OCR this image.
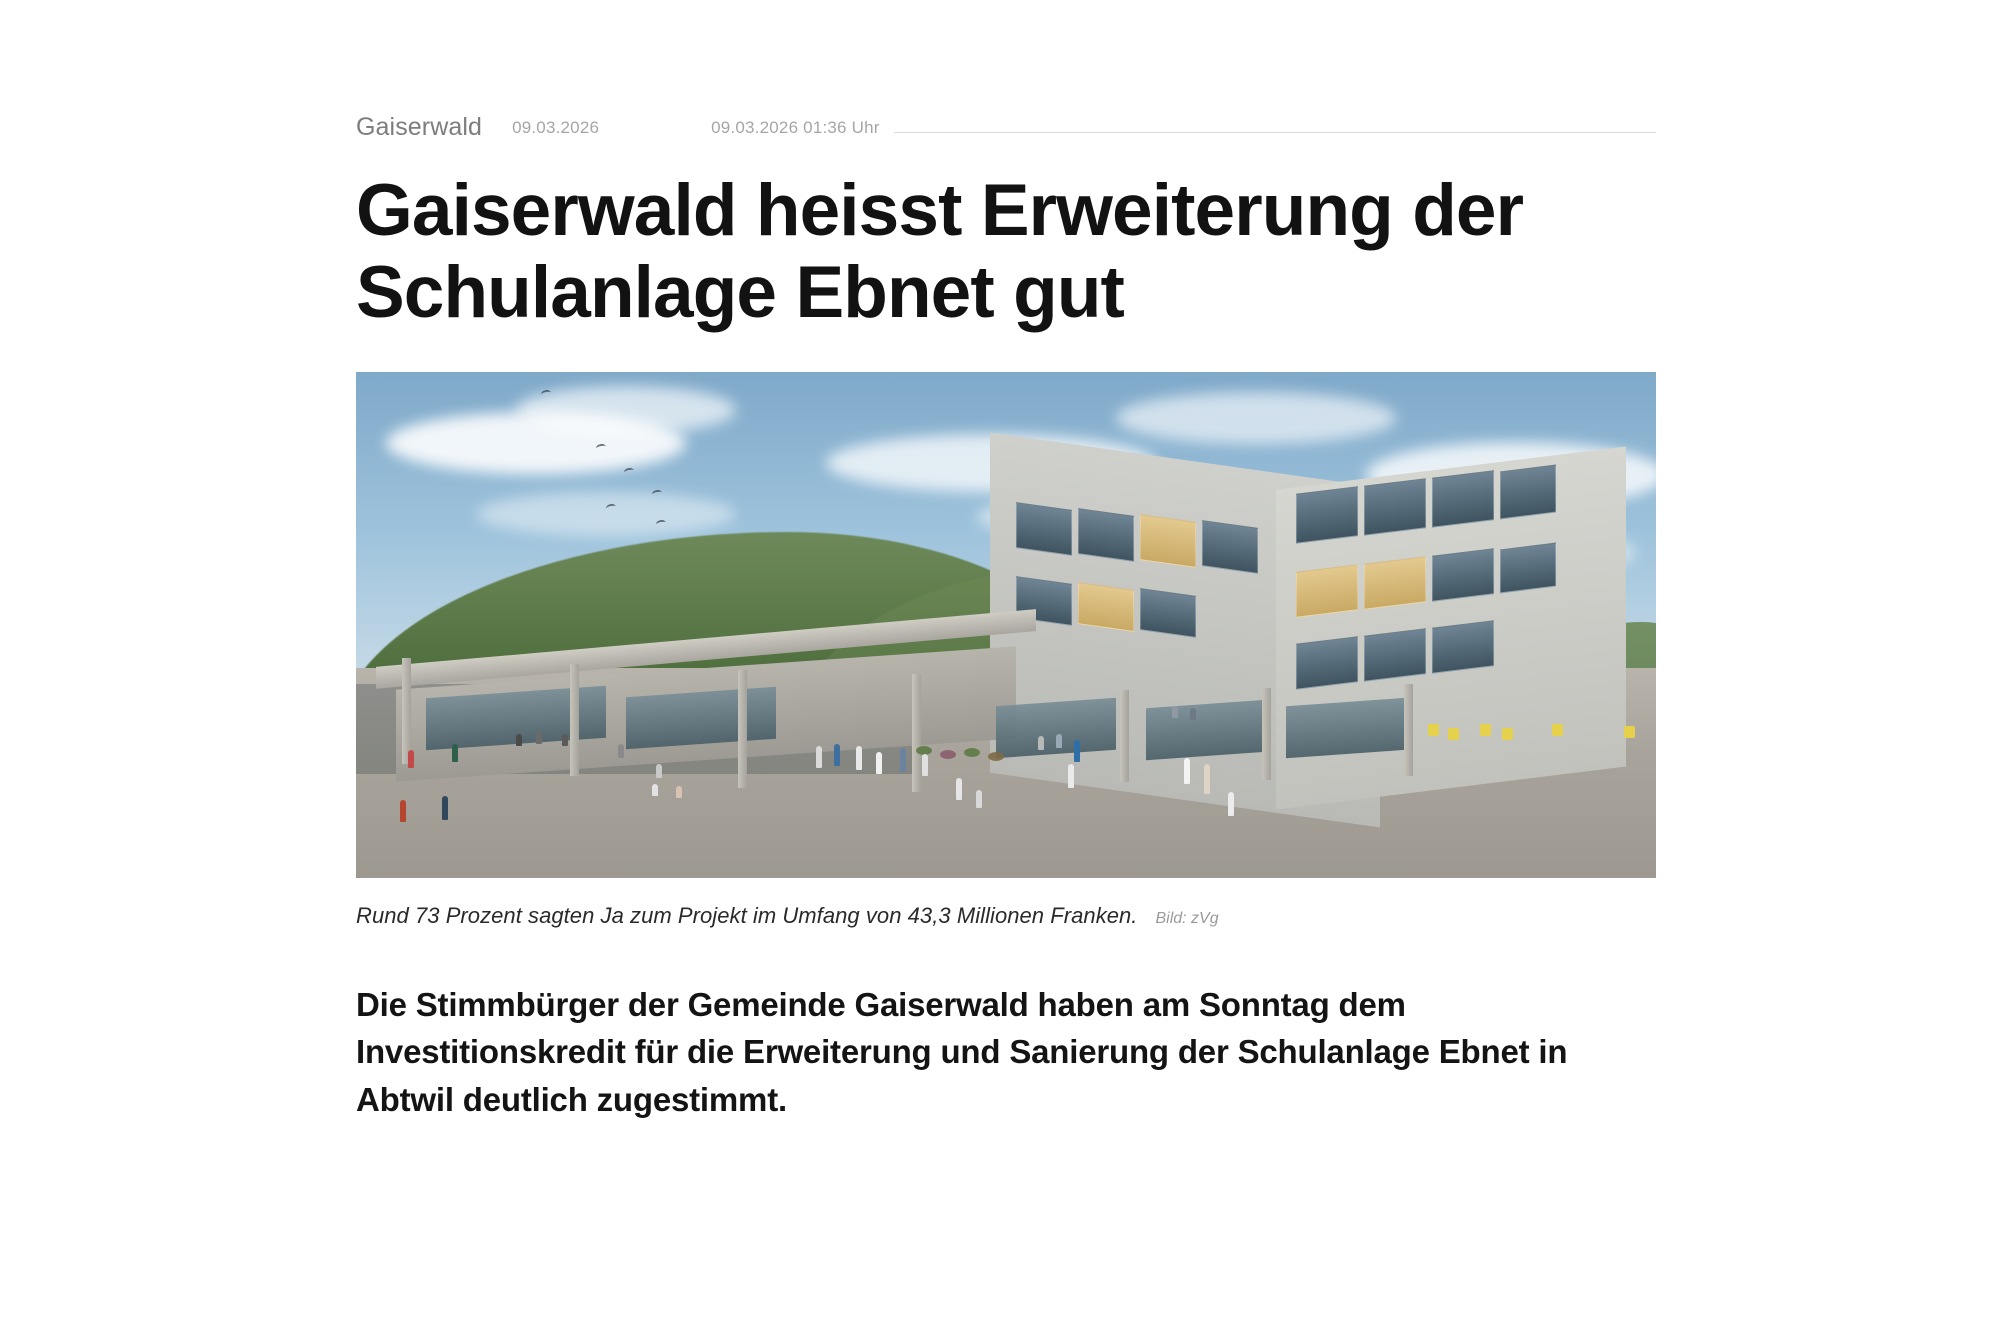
Gaiserwald	09.03.2026	09.03.2026 01:36 Uhr
Gaiserwald heisst Erweiterung der Schulanlage Ebnet gut
Rund 73 Prozent sagten Ja zum Projekt im Umfang von 43,3 Millionen Franken. Bild: zVg

Die Stimmbürger der Gemeinde Gaiserwald haben am Sonntag dem Investitionskredit für die Erweiterung und Sanierung der Schulanlage Ebnet in Abtwil deutlich zugestimmt.
